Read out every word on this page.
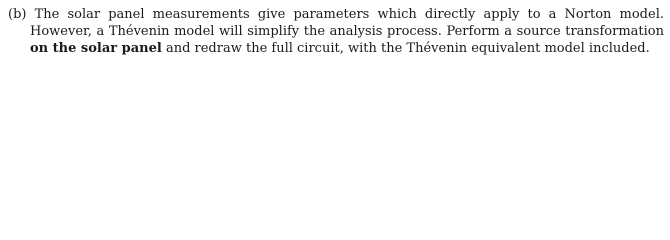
(b) The solar panel measurements give parameters which directly apply to a Norton model.
However, a Thévenin model will simplify the analysis process. Perform a source transformation
on the solar panel and redraw the full circuit, with the Thévenin equivalent model included.
